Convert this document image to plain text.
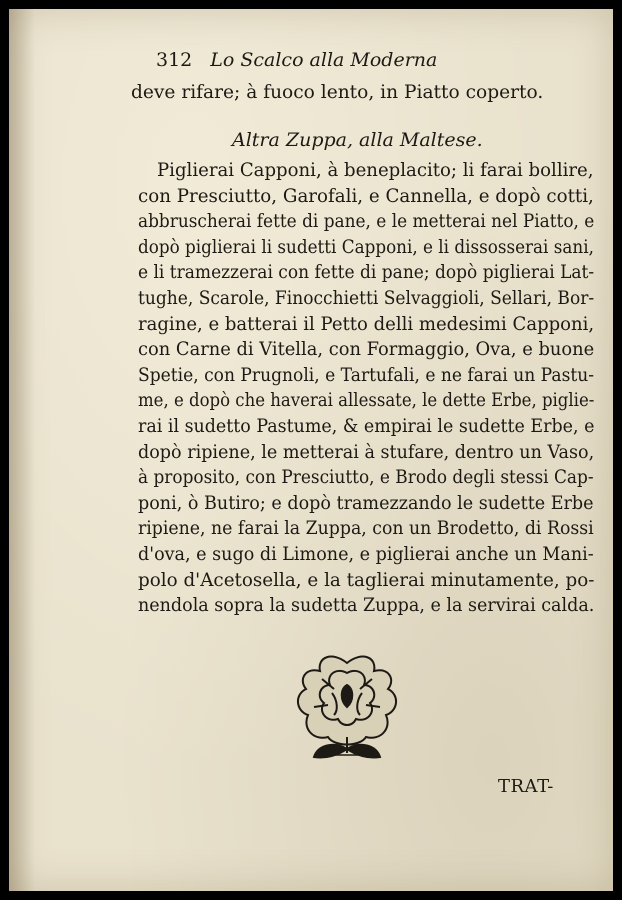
312 Lo Scalco alla Moderna
deve rifare; à fuoco lento, in Piatto coperto.
Altra Zuppa, alla Maltese.
Piglierai Capponi, à beneplacito; li farai bollire,
con Presciutto, Garofali, e Cannella, e dopò cotti,
abbruscherai fette di pane, e le metterai nel Piatto, e
dopò piglierai li sudetti Capponi, e li dissosserai sani,
e li tramezzerai con fette di pane; dopò piglierai Lat-
tughe, Scarole, Finocchietti Selvaggioli, Sellari, Bor-
ragine, e batterai il Petto delli medesimi Capponi,
con Carne di Vitella, con Formaggio, Ova, e buone
Spetie, con Prugnoli, e Tartufali, e ne farai un Pastu-
me, e dopò che haverai allessate, le dette Erbe, piglie-
rai il sudetto Pastume, & empirai le sudette Erbe, e
dopò ripiene, le metterai à stufare, dentro un Vaso,
à proposito, con Presciutto, e Brodo degli stessi Cap-
poni, ò Butiro; e dopò tramezzando le sudette Erbe
ripiene, ne farai la Zuppa, con un Brodetto, di Rossi
d'ova, e sugo di Limone, e piglierai anche un Mani-
polo d'Acetosella, e la taglierai minutamente, po-
nendola sopra la sudetta Zuppa, e la servirai calda.
TRAT-
